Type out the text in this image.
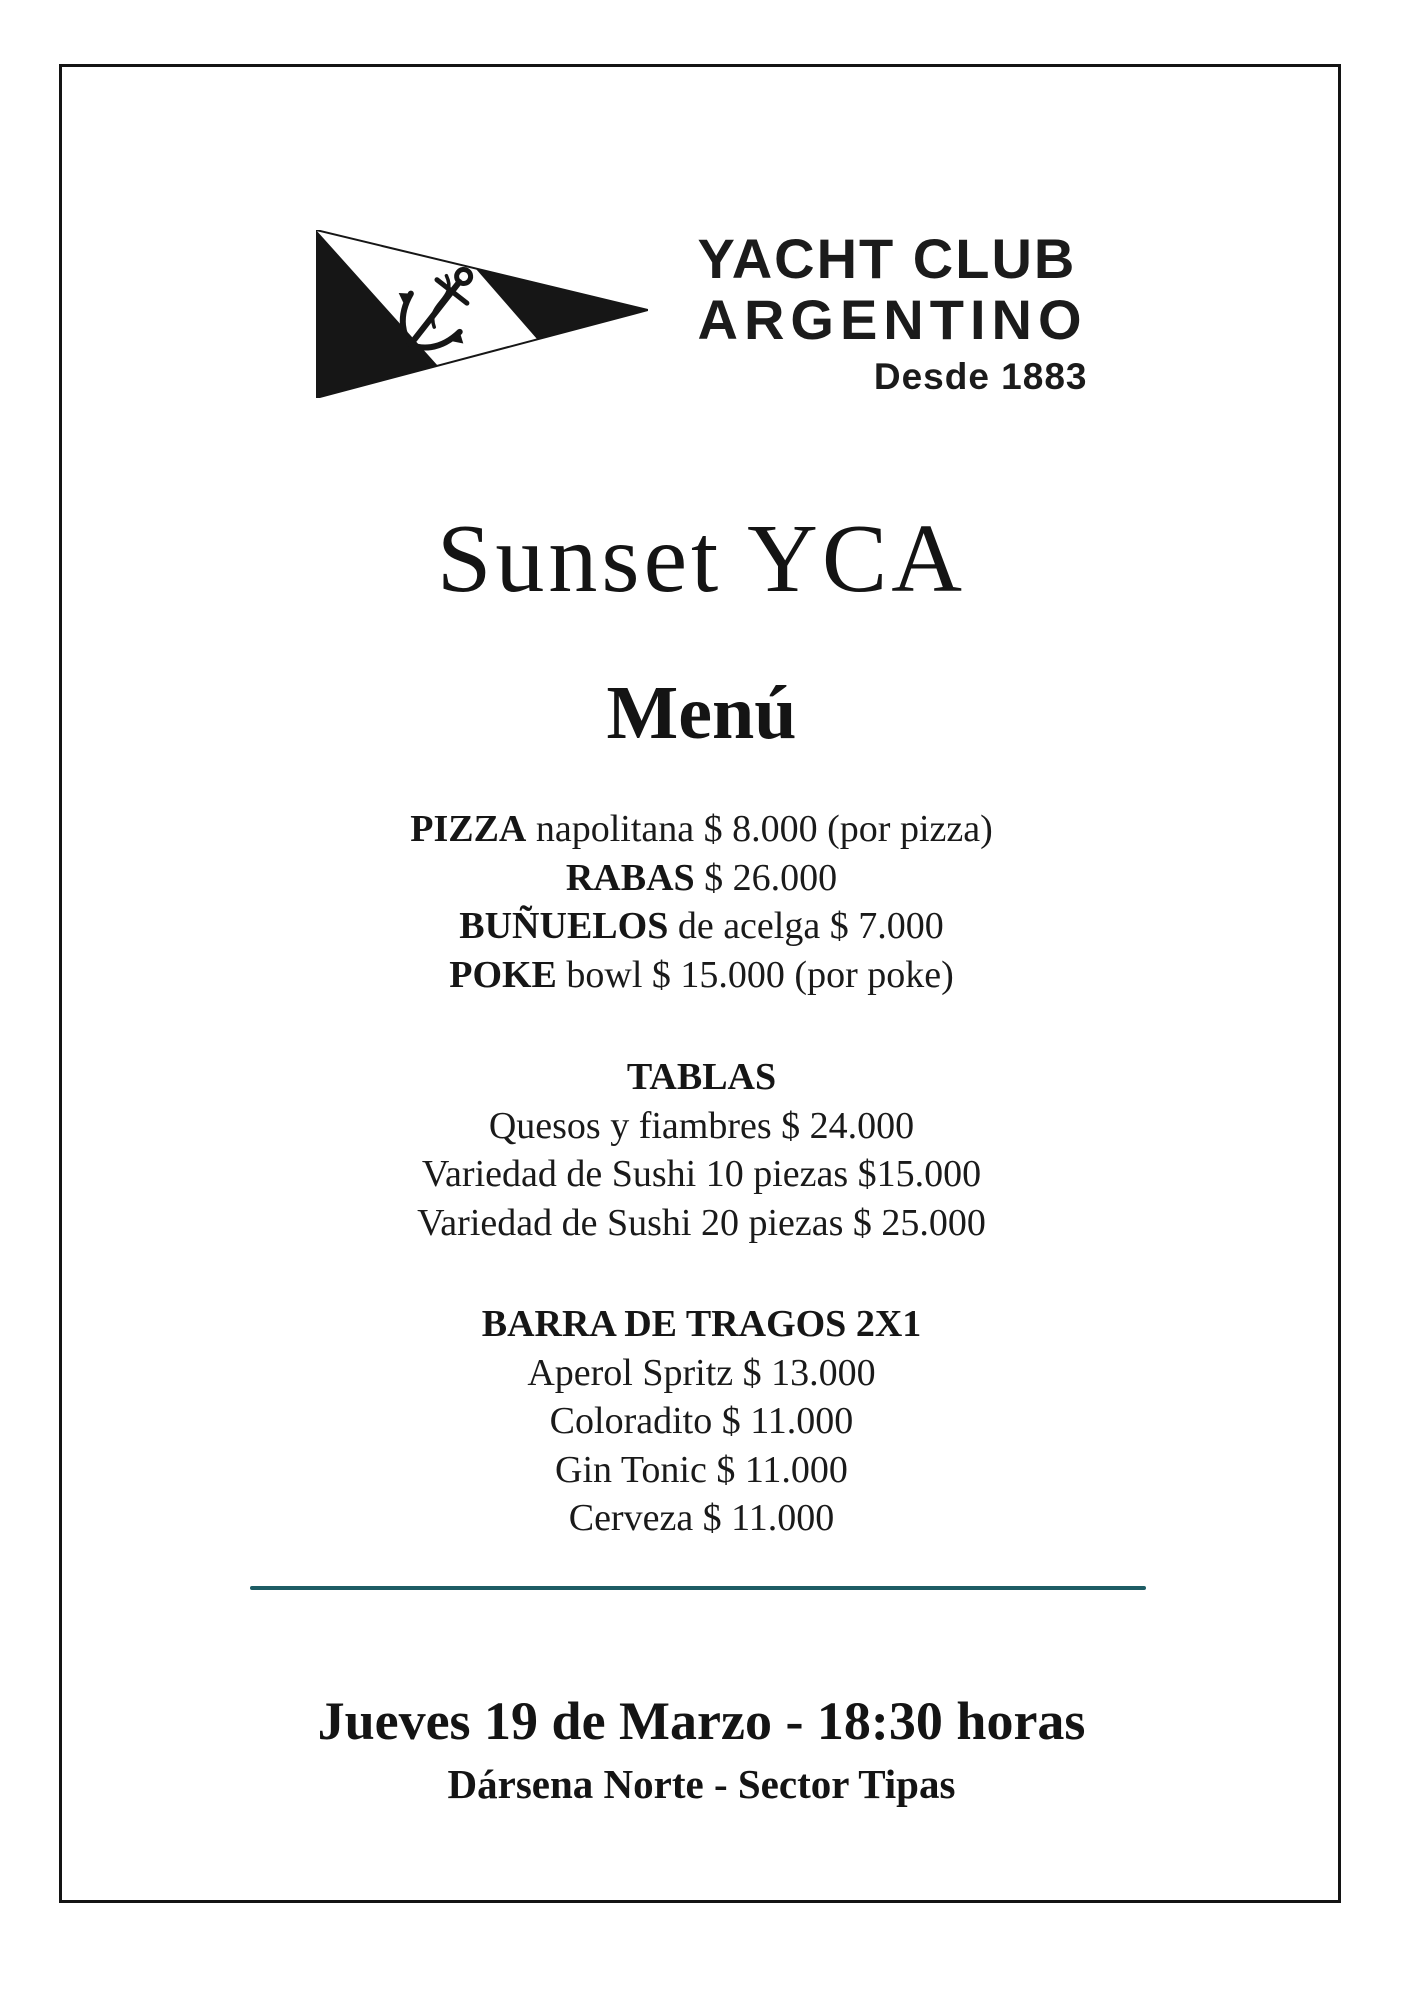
YACHT CLUB
ARGENTINO
Desde 1883
Sunset YCA
Menú
PIZZA napolitana $ 8.000 (por pizza)
RABAS $ 26.000
BUÑUELOS de acelga $ 7.000
POKE bowl $ 15.000 (por poke)
TABLAS
Quesos y fiambres $ 24.000
Variedad de Sushi 10 piezas $15.000
Variedad de Sushi 20 piezas $ 25.000
BARRA DE TRAGOS 2X1
Aperol Spritz $ 13.000
Coloradito $ 11.000
Gin Tonic $ 11.000
Cerveza $ 11.000
Jueves 19 de Marzo - 18:30 horas
Dársena Norte - Sector Tipas
